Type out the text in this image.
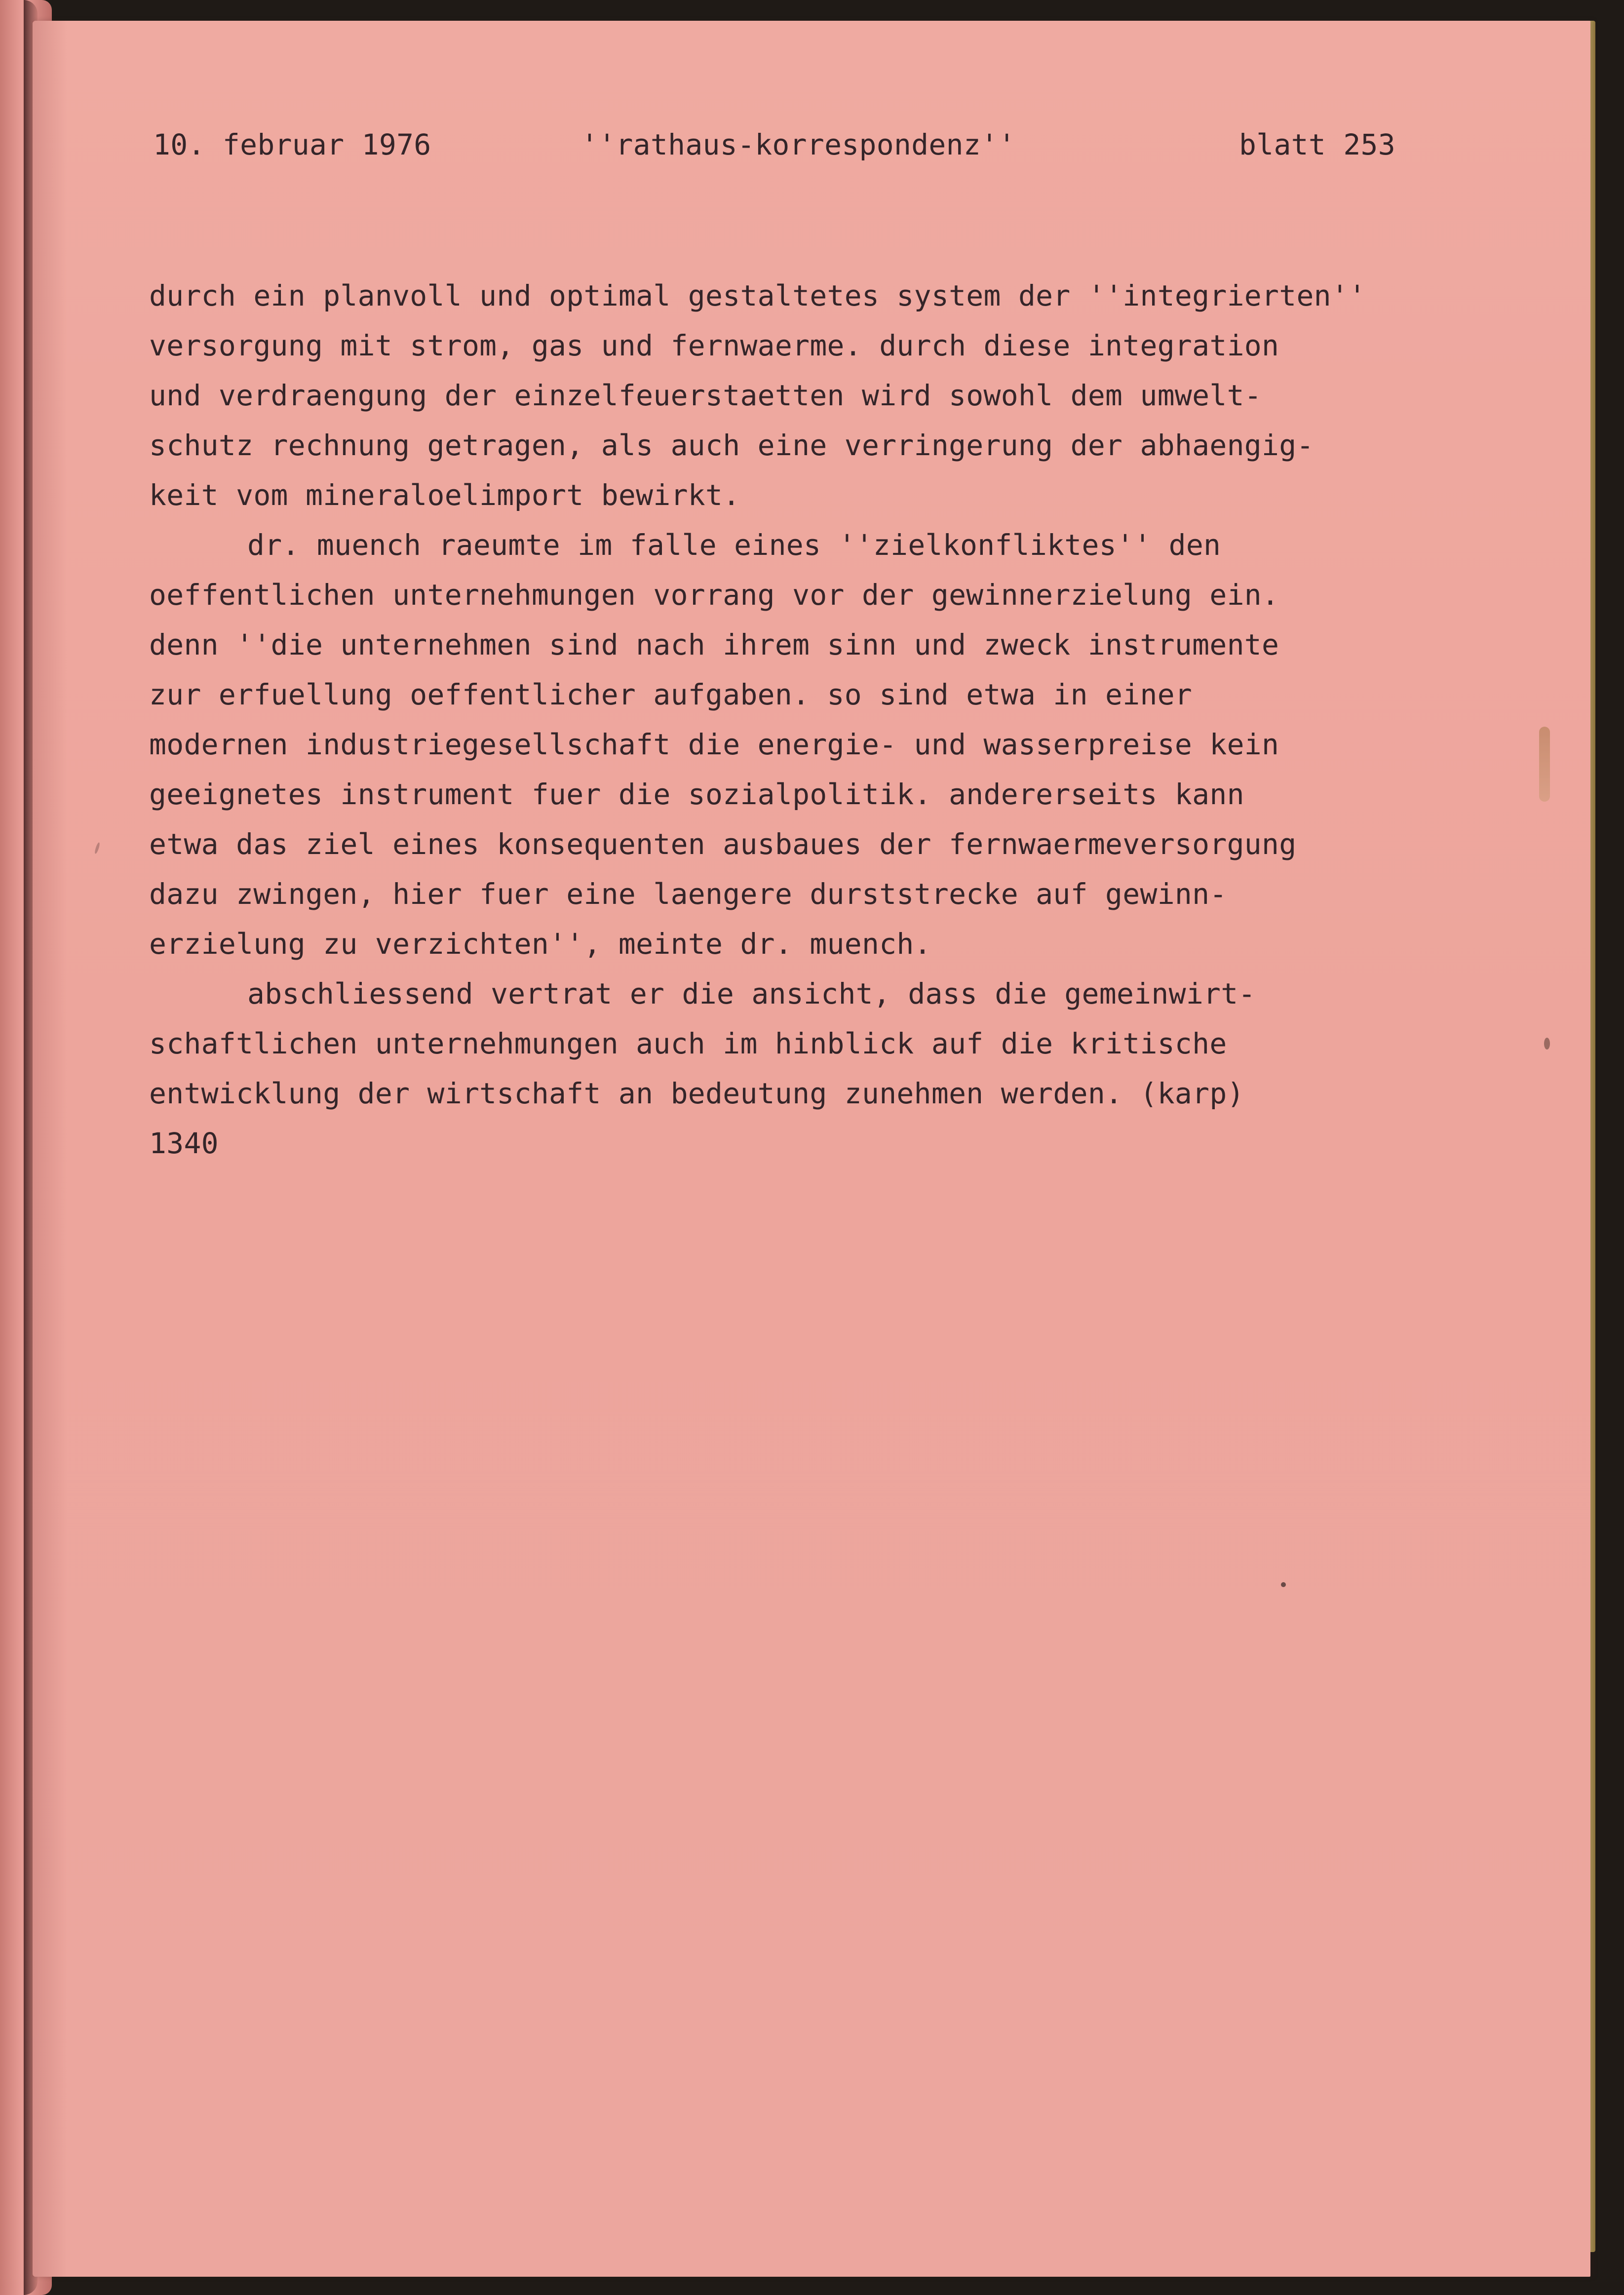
10. februar 1976	''rathaus-korrespondenz''	blatt 253

durch ein planvoll und optimal gestaltetes system der ''integrierten''

versorgung mit strom, gas und fernwaerme. durch diese integration

und verdraengung der einzelfeuerstaetten wird sowohl dem umwelt-

schutz rechnung getragen, als auch eine verringerung der abhaengig-

keit vom mineraloelimport bewirkt.

dr. muench raeumte im falle eines ''zielkonfliktes'' den

oeffentlichen unternehmungen vorrang vor der gewinnerzielung ein.

denn ''die unternehmen sind nach ihrem sinn und zweck instrumente

zur erfuellung oeffentlicher aufgaben. so sind etwa in einer

modernen industriegesellschaft die energie- und wasserpreise kein

geeignetes instrument fuer die sozialpolitik. andererseits kann

etwa das ziel eines konsequenten ausbaues der fernwaermeversorgung

dazu zwingen, hier fuer eine laengere durststrecke auf gewinn-

erzielung zu verzichten'', meinte dr. muench.

abschliessend vertrat er die ansicht, dass die gemeinwirt-

schaftlichen unternehmungen auch im hinblick auf die kritische

entwicklung der wirtschaft an bedeutung zunehmen werden. (karp)

1340
